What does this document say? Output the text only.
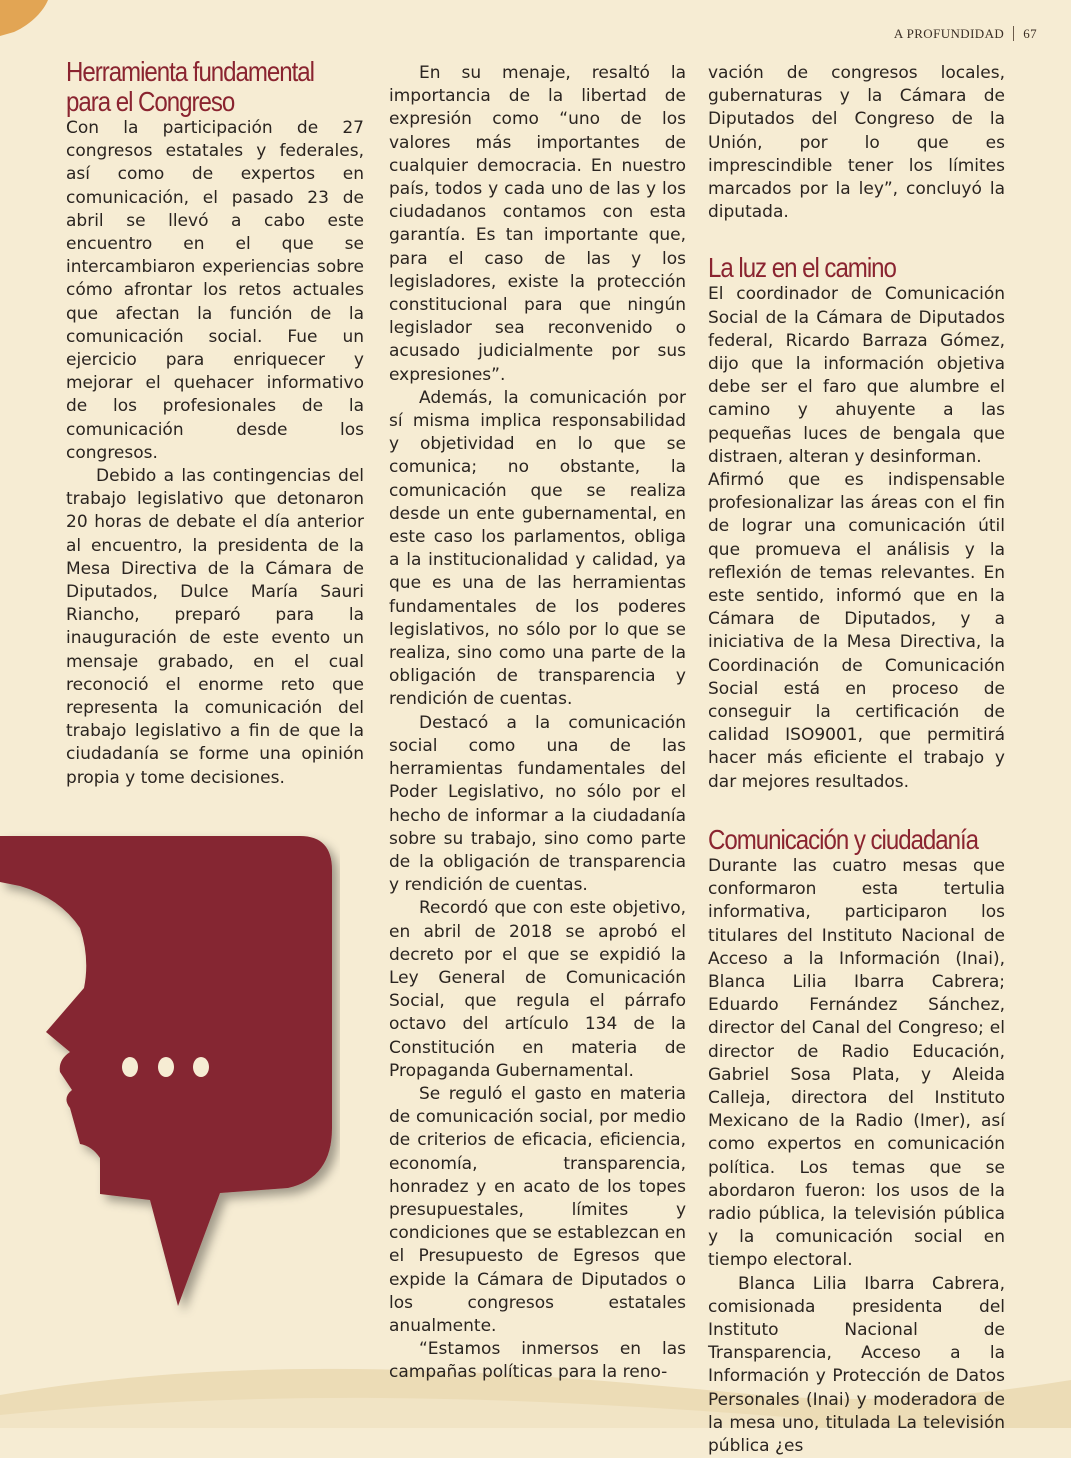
A PROFUNDIDAD 67
Herramienta fundamental
para el Congreso

Con la participación de 27 congresos estatales y federales, así como de expertos en comunicación, el pasado 23 de abril se llevó a cabo este encuentro en el que se intercambiaron experiencias sobre cómo afrontar los retos actuales que afectan la función de la comunicación social. Fue un ejercicio para enriquecer y mejorar el quehacer informativo de los profesionales de la comunicación desde los congresos.

Debido a las contingencias del trabajo legislativo que detonaron 20 horas de debate el día anterior al encuentro, la presidenta de la Mesa Directiva de la Cámara de Diputados, Dulce María Sauri Riancho, preparó para la inauguración de este evento un mensaje grabado, en el cual reconoció el enorme reto que representa la comunicación del trabajo legislativo a fin de que la ciudadanía se forme una opinión propia y tome decisiones.

En su menaje, resaltó la importancia de la libertad de expresión como “uno de los valores más importantes de cualquier democracia. En nuestro país, todos y cada uno de las y los ciudadanos contamos con esta garantía. Es tan importante que, para el caso de las y los legisladores, existe la protección constitucional para que ningún legislador sea reconvenido o acusado judicialmente por sus expresiones”.

Además, la comunicación por sí misma implica responsabilidad y objetividad en lo que se comunica; no obstante, la comunicación que se realiza desde un ente gubernamental, en este caso los parlamentos, obliga a la institucionalidad y calidad, ya que es una de las herramientas fundamentales de los poderes legislativos, no sólo por lo que se realiza, sino como una parte de la obligación de transparencia y rendición de cuentas.

Destacó a la comunicación social como una de las herramientas fundamentales del Poder Legislativo, no sólo por el hecho de informar a la ciudadanía sobre su trabajo, sino como parte de la obligación de transparencia y rendición de cuentas.

Recordó que con este objetivo, en abril de 2018 se aprobó el decreto por el que se expidió la Ley General de Comunicación Social, que regula el párrafo octavo del artículo 134 de la Constitución en materia de Propaganda Gubernamental.

Se reguló el gasto en materia de comunicación social, por medio de criterios de eficacia, eficiencia, economía, transparencia, honradez y en acato de los topes presupuestales, límites y condiciones que se establezcan en el Presupuesto de Egresos que expide la Cámara de Diputados o los congresos estatales anualmente.

“Estamos inmersos en las campañas políticas para la reno-

vación de congresos locales, gubernaturas y la Cámara de Diputados del Congreso de la Unión, por lo que es imprescindible tener los límites marcados por la ley”, concluyó la diputada.

La luz en el camino

El coordinador de Comunicación Social de la Cámara de Diputados federal, Ricardo Barraza Gómez, dijo que la información objetiva debe ser el faro que alumbre el camino y ahuyente a las pequeñas luces de bengala que distraen, alteran y desinforman.

Afirmó que es indispensable profesionalizar las áreas con el fin de lograr una comunicación útil que promueva el análisis y la reflexión de temas relevantes. En este sentido, informó que en la Cámara de Diputados, y a iniciativa de la Mesa Directiva, la Coordinación de Comunicación Social está en proceso de conseguir la certificación de calidad ISO9001, que permitirá hacer más eficiente el trabajo y dar mejores resultados.

Comunicación y ciudadanía

Durante las cuatro mesas que conformaron esta tertulia informativa, participaron los titulares del Instituto Nacional de Acceso a la Información (Inai), Blanca Lilia Ibarra Cabrera; Eduardo Fernández Sánchez, director del Canal del Congreso; el director de Radio Educación, Gabriel Sosa Plata, y Aleida Calleja, directora del Instituto Mexicano de la Radio (Imer), así como expertos en comunicación política. Los temas que se abordaron fueron: los usos de la radio pública, la televisión pública y la comunicación social en tiempo electoral.

Blanca Lilia Ibarra Cabrera, comisionada presidenta del Instituto Nacional de Transparencia, Acceso a la Información y Protección de Datos Personales (Inai) y moderadora de la mesa uno, titulada La televisión pública ¿es
